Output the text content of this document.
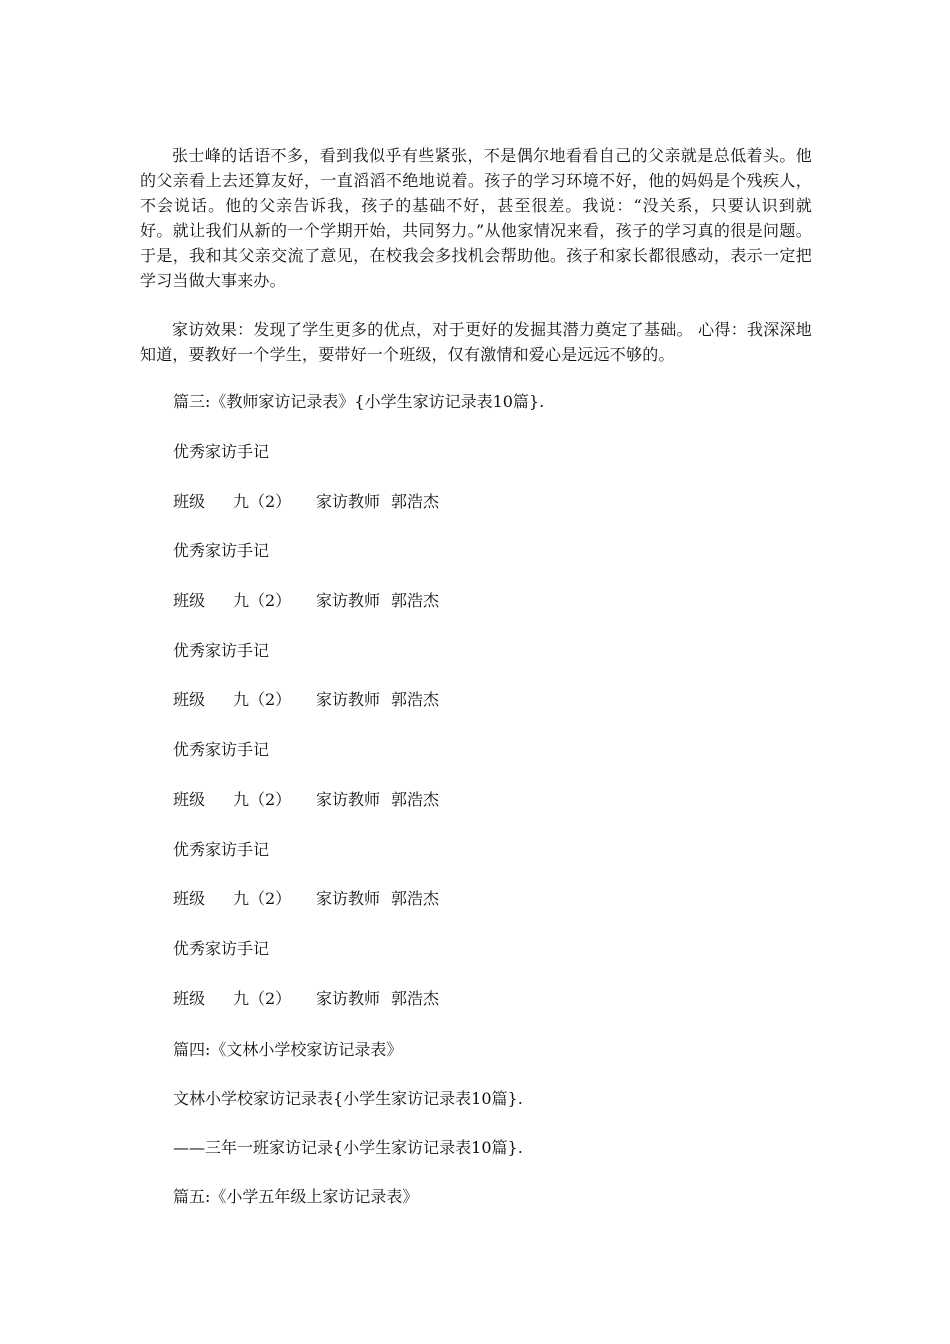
张士峰的话语不多，看到我似乎有些紧张，不是偶尔地看看自己的父亲就是总低着头。他的父亲看上去还算友好，一直滔滔不绝地说着。孩子的学习环境不好，他的妈妈是个残疾人，不会说话。他的父亲告诉我，孩子的基础不好，甚至很差。我说：“没关系，只要认识到就好。就让我们从新的一个学期开始，共同努力。”从他家情况来看，孩子的学习真的很是问题。于是，我和其父亲交流了意见，在校我会多找机会帮助他。孩子和家长都很感动，表示一定把学习当做大事来办。

家访效果：发现了学生更多的优点，对于更好的发掘其潜力奠定了基础。 心得：我深深地知道，要教好一个学生，要带好一个班级，仅有激情和爱心是远远不够的。

篇三:《教师家访记录表》{小学生家访记录表10篇}.

优秀家访手记

班级 九（2） 家访教师 郭浩杰

优秀家访手记

班级 九（2） 家访教师 郭浩杰

优秀家访手记

班级 九（2） 家访教师 郭浩杰

优秀家访手记

班级 九（2） 家访教师 郭浩杰

优秀家访手记

班级 九（2） 家访教师 郭浩杰

优秀家访手记

班级 九（2） 家访教师 郭浩杰

篇四:《文林小学校家访记录表》

文林小学校家访记录表{小学生家访记录表10篇}.

——三年一班家访记录{小学生家访记录表10篇}.

篇五:《小学五年级上家访记录表》
